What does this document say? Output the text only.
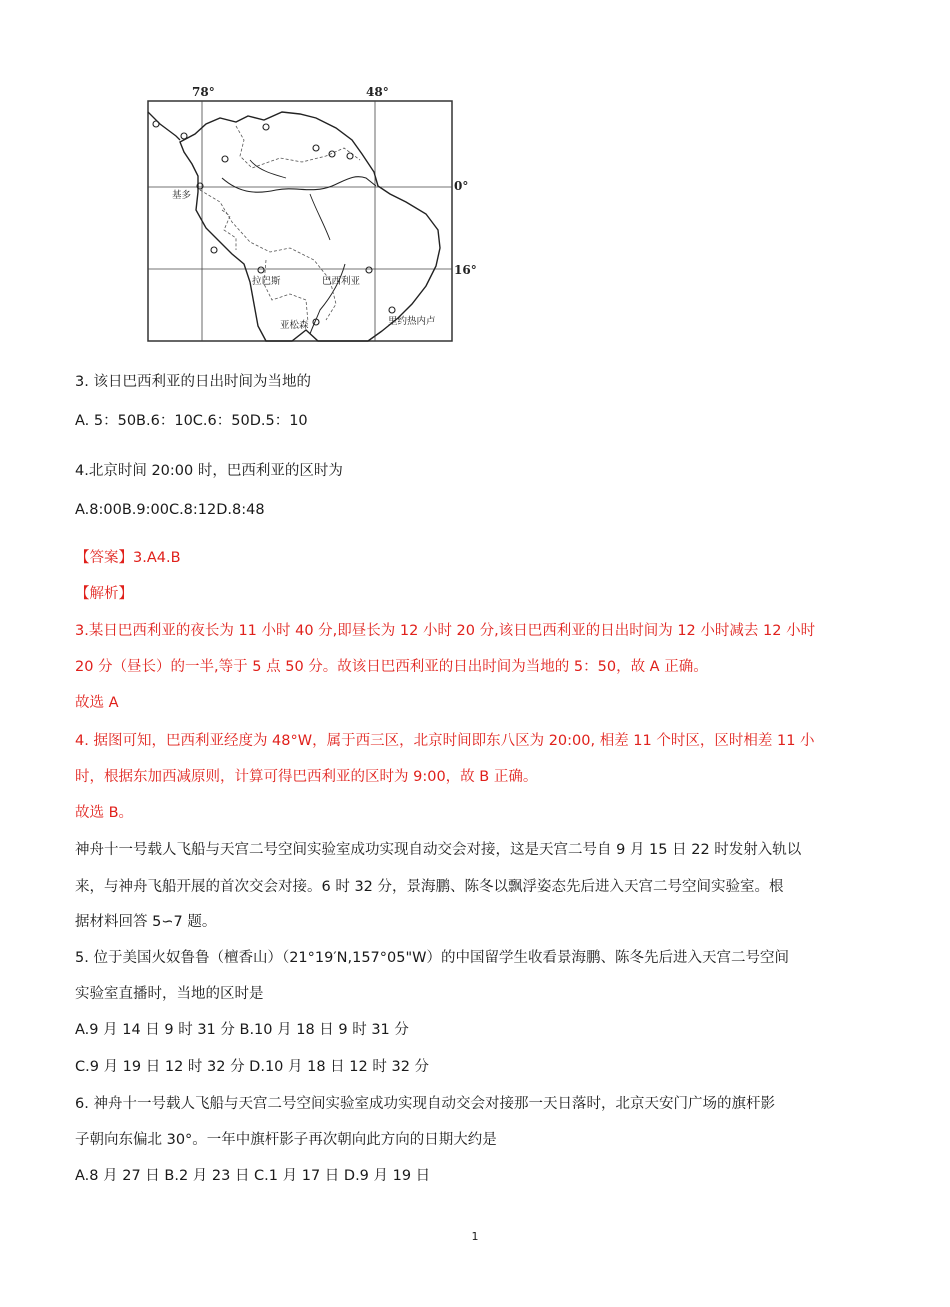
78°	48°
0°
16°
基多
拉巴斯	巴西利亚
亚松森	里约热内卢
3. 该日巴西利亚的日出时间为当地的
A. 5：50B.6：10C.6：50D.5：10
4.北京时间 20:00 时，巴西利亚的区时为
A.8:00B.9:00C.8:12D.8:48
【答案】3.A4.B
【解析】
3.某日巴西利亚的夜长为 11 小时 40 分,即昼长为 12 小时 20 分,该日巴西利亚的日出时间为 12 小时减去 12 小时
20 分（昼长）的一半,等于 5 点 50 分。故该日巴西利亚的日出时间为当地的 5：50，故 A 正确。
故选 A
4. 据图可知，巴西利亚经度为 48°W，属于西三区，北京时间即东八区为 20:00, 相差 11 个时区，区时相差 11 小
时，根据东加西减原则，计算可得巴西利亚的区时为 9:00，故 B 正确。
故选 B。
神舟十一号载人飞船与天宫二号空间实验室成功实现自动交会对接，这是天宫二号自 9 月 15 日 22 时发射入轨以
来，与神舟飞船开展的首次交会对接。6 时 32 分，景海鹏、陈冬以飘浮姿态先后进入天宫二号空间实验室。根
据材料回答 5∽7 题。
5. 位于美国火奴鲁鲁（檀香山）（21°19′N,157°05"W）的中国留学生收看景海鹏、陈冬先后进入天宫二号空间
实验室直播时，当地的区时是
A.9 月 14 日 9 时 31 分 B.10 月 18 日 9 时 31 分
C.9 月 19 日 12 时 32 分 D.10 月 18 日 12 时 32 分
6. 神舟十一号载人飞船与天宫二号空间实验室成功实现自动交会对接那一天日落时，北京天安门广场的旗杆影
子朝向东偏北 30°。一年中旗杆影子再次朝向此方向的日期大约是
A.8 月 27 日 B.2 月 23 日 C.1 月 17 日 D.9 月 19 日
1
